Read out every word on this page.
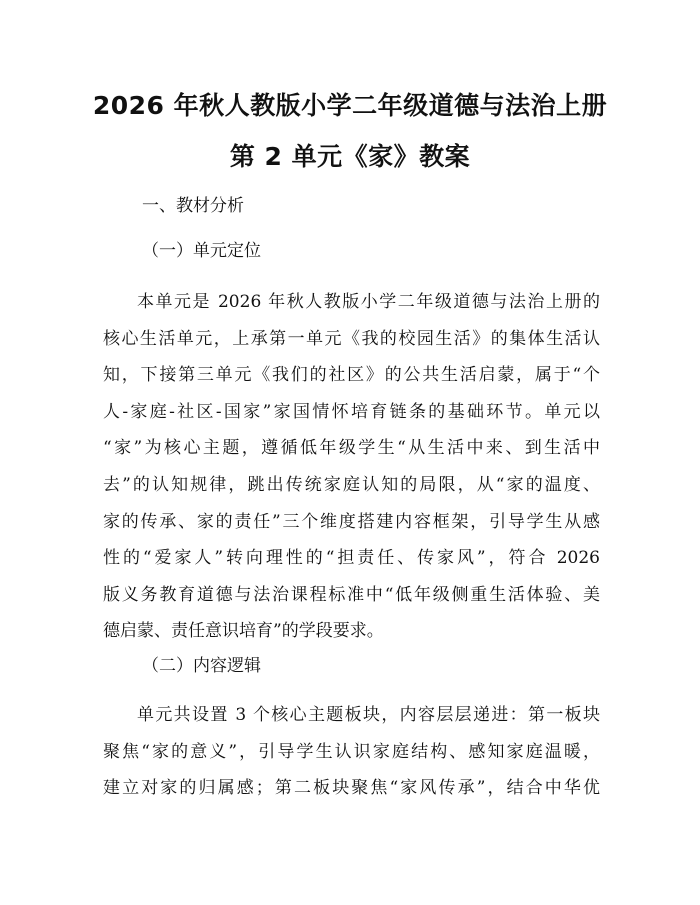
2026 年秋人教版小学二年级道德与法治上册
第 2 单元《家》教案
一、教材分析
（一）单元定位
本单元是 2026 年秋人教版小学二年级道德与法治上册的
核心生活单元，上承第一单元《我的校园生活》的集体生活认
知，下接第三单元《我们的社区》的公共生活启蒙，属于“个
人-家庭-社区-国家”家国情怀培育链条的基础环节。单元以
“家”为核心主题，遵循低年级学生“从生活中来、到生活中
去”的认知规律，跳出传统家庭认知的局限，从“家的温度、
家的传承、家的责任”三个维度搭建内容框架，引导学生从感
性的“爱家人”转向理性的“担责任、传家风”，符合 2026
版义务教育道德与法治课程标准中“低年级侧重生活体验、美
德启蒙、责任意识培育”的学段要求。
（二）内容逻辑
单元共设置 3 个核心主题板块，内容层层递进：第一板块
聚焦“家的意义”，引导学生认识家庭结构、感知家庭温暖，
建立对家的归属感；第二板块聚焦“家风传承”，结合中华优
